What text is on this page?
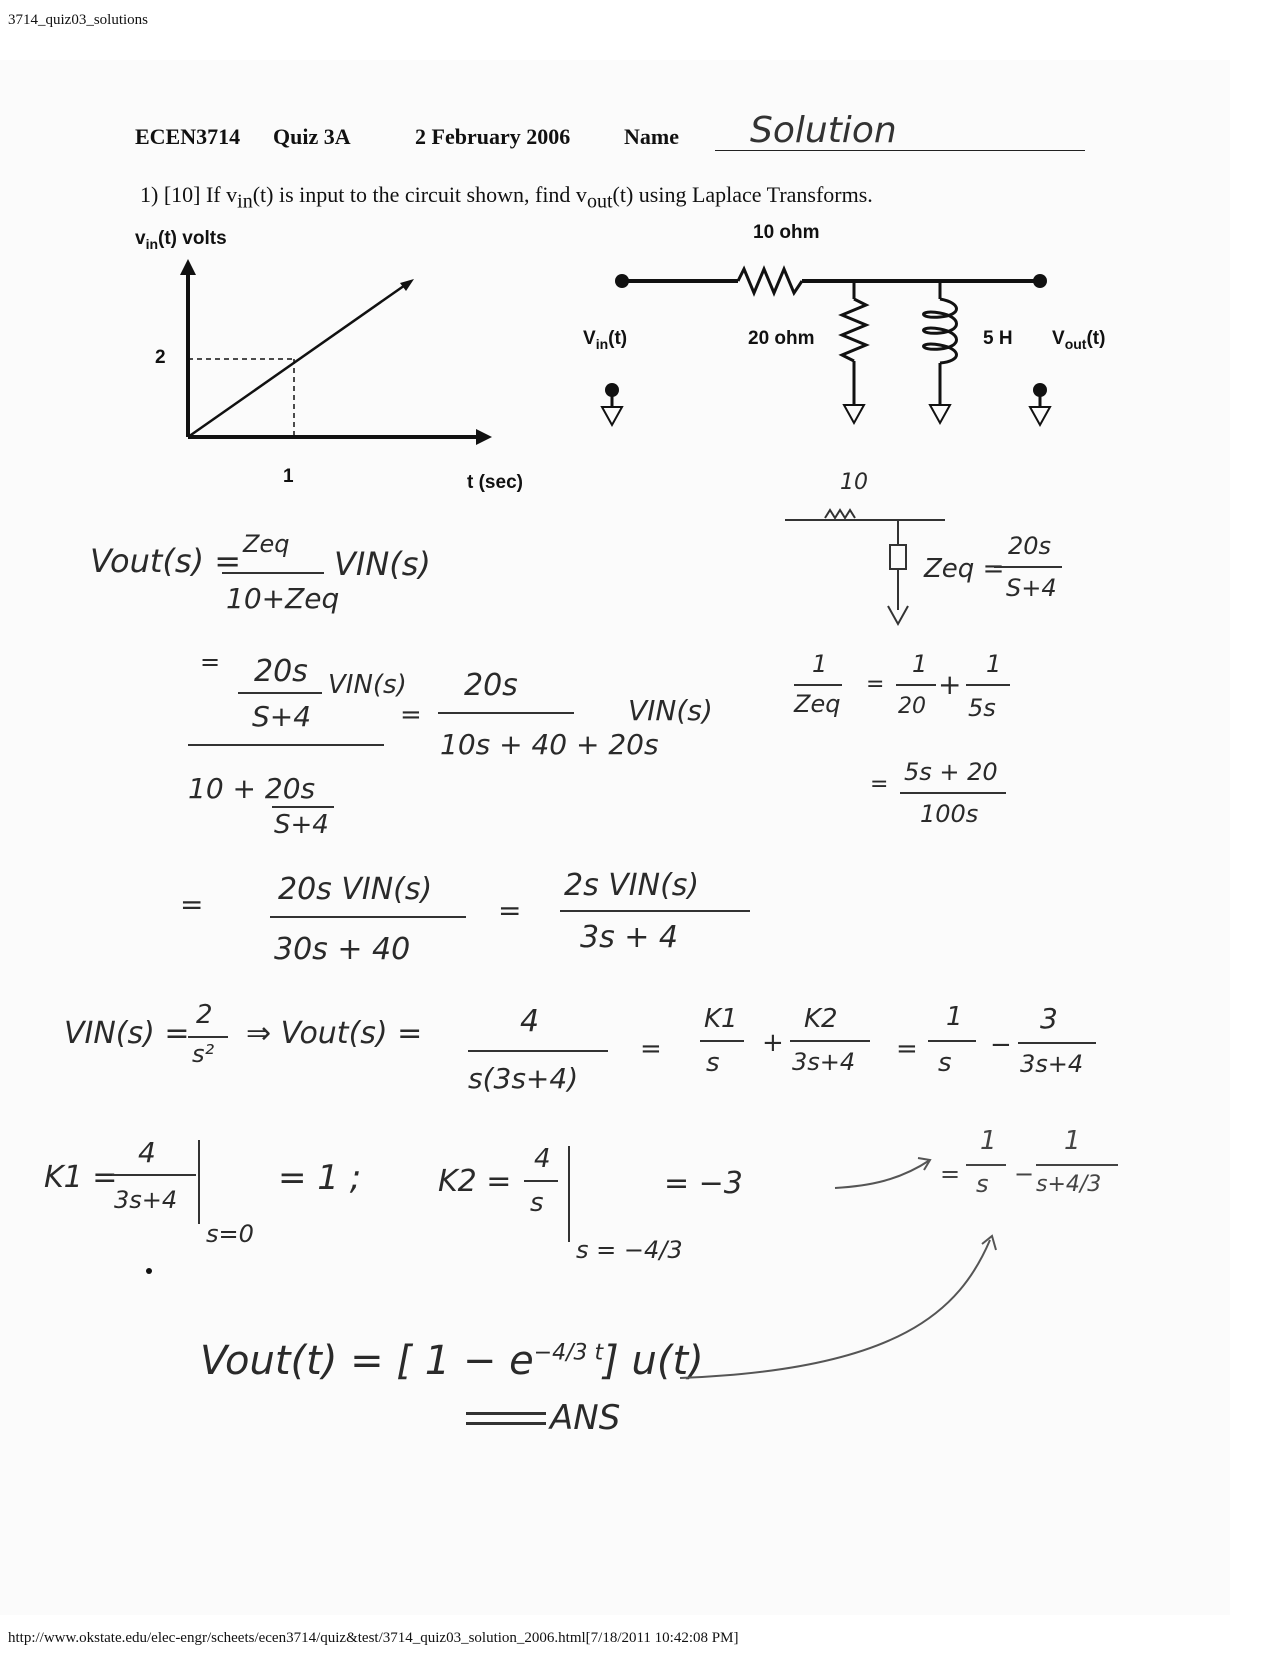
3714_quiz03_solutions
ECEN3714 Quiz 3A	2 February 2006 Name Solution
1) [10] If $v_{in}(t)$ is input to the circuit shown, find $v_{out}(t)$ using Laplace Transforms.
$v_{in}(t)$ volts
2
1	t (sec)
10 ohm
20 ohm	5 H
$V_{in}(t)$	$V_{out}(t)$
Vout(s) = Zeq
10+Zeq
VIN(s)
= 20s
S+4
VIN(s)
10 + 20s
S+4
=
20s
10s + 40 + 20s
VIN(s)
10
Zeq =
20s
S+4
1
Zeq
=
1
20
+
1
5s
= 5s + 20
100s
= 20s VIN(s)
30s + 40
=
2s VIN(s)
3s + 4
VIN(s) =
2
s²
⇒ Vout(s) =	4
s(3s+4)
=
K1
s
+
K2
3s+4 =
1
s
−
3
3s+4
K1 =
4
3s+4
s=0
= 1 ;	K2 =
4
s
s = −4/3
= −3	=
1
s −
1
s+4/3
Vout(t) = [ $1 - e^{-4/3 t}$] u(t)
ANS
http://www.okstate.edu/elec-engr/scheets/ecen3714/quiz&test/3714_quiz03_solution_2006.html[7/18/2011 10:42:08 PM]
